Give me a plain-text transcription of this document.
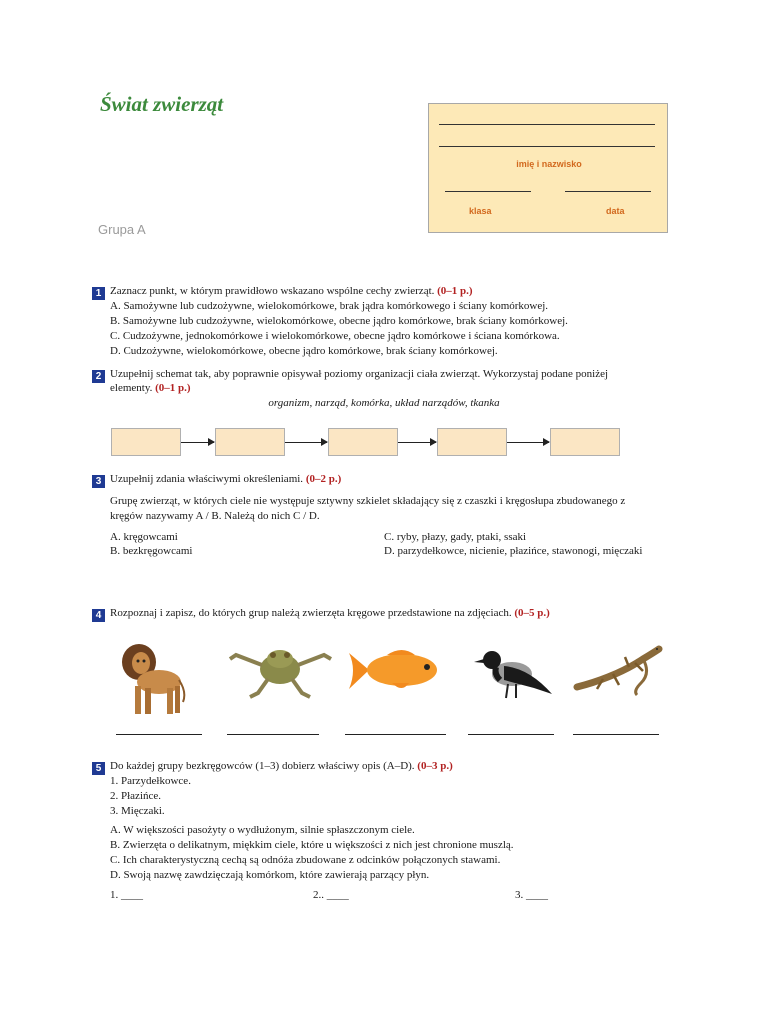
Świat zwierząt
Grupa A
imię i nazwisko
klasa	data
1 Zaznacz punkt, w którym prawidłowo wskazano wspólne cechy zwierząt. (0–1 p.)
A. Samożywne lub cudzożywne, wielokomórkowe, brak jądra komórkowego i ściany komórkowej.
B. Samożywne lub cudzożywne, wielokomórkowe, obecne jądro komórkowe, brak ściany komórkowej.
C. Cudzożywne, jednokomórkowe i wielokomórkowe, obecne jądro komórkowe i ściana komórkowa.
D. Cudzożywne, wielokomórkowe, obecne jądro komórkowe, brak ściany komórkowej.
2 Uzupełnij schemat tak, aby poprawnie opisywał poziomy organizacji ciała zwierząt. Wykorzystaj podane poniżej
elementy. (0–1 p.)
organizm, narząd, komórka, układ narządów, tkanka
3 Uzupełnij zdania właściwymi określeniami. (0–2 p.)
Grupę zwierząt, w których ciele nie występuje sztywny szkielet składający się z czaszki i kręgosłupa zbudowanego z
kręgów nazywamy A / B. Należą do nich C / D.
A. kręgowcami
B. bezkręgowcami
C. ryby, płazy, gady, ptaki, ssaki
D. parzydełkowce, nicienie, płazińce, stawonogi, mięczaki
4 Rozpoznaj i zapisz, do których grup należą zwierzęta kręgowe przedstawione na zdjęciach. (0–5 p.)
5 Do każdej grupy bezkręgowców (1–3) dobierz właściwy opis (A–D). (0–3 p.)
1. Parzydełkowce.
2. Płazińce.
3. Mięczaki.
A. W większości pasożyty o wydłużonym, silnie spłaszczonym ciele.
B. Zwierzęta o delikatnym, miękkim ciele, które u większości z nich jest chronione muszlą.
C. Ich charakterystyczną cechą są odnóża zbudowane z odcinków połączonych stawami.
D. Swoją nazwę zawdzięczają komórkom, które zawierają parzący płyn.
1. ____	2.. ____	3. ____
